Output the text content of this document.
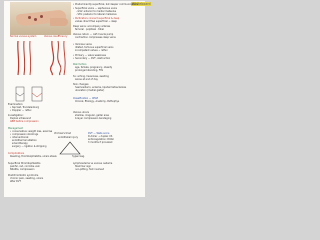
Whiteboard
• Predominantly superficial, but deeper communications
• Superficial veins — saphenous veins
- GSV: anterior to medial malleolus
- SSV: posterior to lateral malleolus
• Perforators connect superficial & deep
valves direct flow superficial → deep
Deep veins: accompany arteries
femoral · popliteal · tibial
Venous return — calf muscle pump
contraction compresses deep veins
Normal venous system	Venous insufficiency
• Varicose veins:
dilated, tortuous superficial veins
incompetent valves → reflux
• Primary — valve weakness
• Secondary — DVT, obstruction
Risk factors
age, female, pregnancy, obesity
prolonged standing, FHx
Sx: aching, heaviness, swelling
worse at end of day
Skin changes:
haemosiderin, eczema, lipodermatosclerosis
ulceration (medial gaiter)
Examination:
• tap test, Trendelenburg
• Doppler — reflux
Investigation:
Duplex ultrasound
ABPI before compression
Classification — CEAP
Clinical, Etiology, Anatomy, Pathophys
Management
• conservative: weight loss, exercise
• compression stockings
• interventional:
endothermal ablation
sclerotherapy
surgery — ligation & stripping
Complications
bleeding, thrombophlebitis, ulcers
Venous ulcers
shallow, irregular, gaiter area
4-layer compression bandaging
Virchow's triad
stasis	hypercoag.
endothelial injury
DVT — Wells score
D-dimer → duplex US
anticoagulation: DOAC
3 months if provoked
Superficial thrombophlebitis
painful, red, cord-like vein
NSAIDs, compression
Post-thrombotic syndrome
chronic pain, swelling, ulcers
after DVT
Lymphoedema vs venous oedema
Stemmer sign
non-pitting, foot involved
